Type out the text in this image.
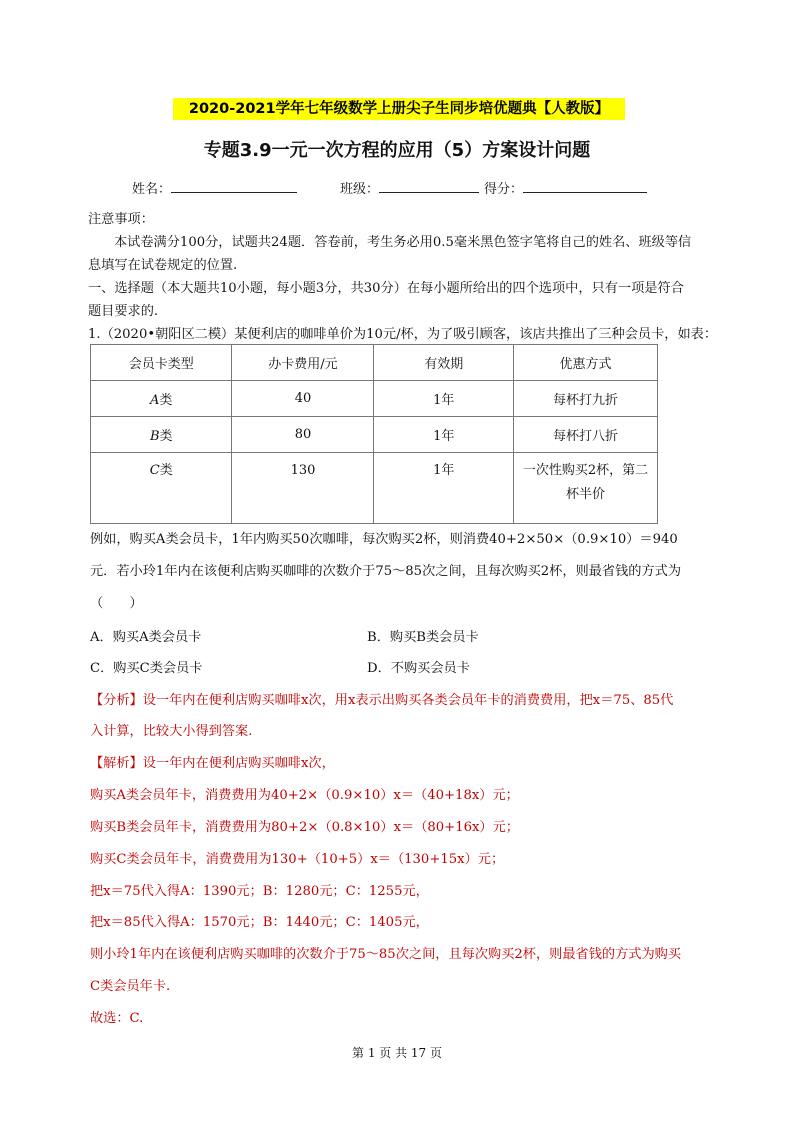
2020-2021学年七年级数学上册尖子生同步培优题典【人教版】
专题3.9一元一次方程的应用（5）方案设计问题
姓名：	班级：	得分：
注意事项：
本试卷满分100分，试题共24题．答卷前，考生务必用0.5毫米黑色签字笔将自己的姓名、班级等信
息填写在试卷规定的位置.
一、选择题（本大题共10小题，每小题3分，共30分）在每小题所给出的四个选项中，只有一项是符合
题目要求的.
1.（2020•朝阳区二模）某便利店的咖啡单价为10元/杯，为了吸引顾客，该店共推出了三种会员卡，如表：
会员卡类型	办卡费用/元	有效期	优惠方式
A类	40	1年	每杯打九折
B类	80	1年	每杯打八折
C类	130	1年	一次性购买2杯，第二
杯半价
例如，购买A类会员卡，1年内购买50次咖啡，每次购买2杯，则消费40+2×50×（0.9×10）＝940
元．若小玲1年内在该便利店购买咖啡的次数介于75～85次之间，且每次购买2杯，则最省钱的方式为
（　　）
A．购买A类会员卡	B．购买B类会员卡
C．购买C类会员卡	D．不购买会员卡
【分析】设一年内在便利店购买咖啡x次，用x表示出购买各类会员年卡的消费费用，把x＝75、85代
入计算，比较大小得到答案.
【解析】设一年内在便利店购买咖啡x次，
购买A类会员年卡，消费费用为40+2×（0.9×10）x＝（40+18x）元；
购买B类会员年卡，消费费用为80+2×（0.8×10）x＝（80+16x）元；
购买C类会员年卡，消费费用为130+（10+5）x＝（130+15x）元；
把x＝75代入得A：1390元；B：1280元；C：1255元，
把x＝85代入得A：1570元；B：1440元；C：1405元，
则小玲1年内在该便利店购买咖啡的次数介于75～85次之间，且每次购买2杯，则最省钱的方式为购买
C类会员年卡.
故选：C.
第 1 页 共 17 页
